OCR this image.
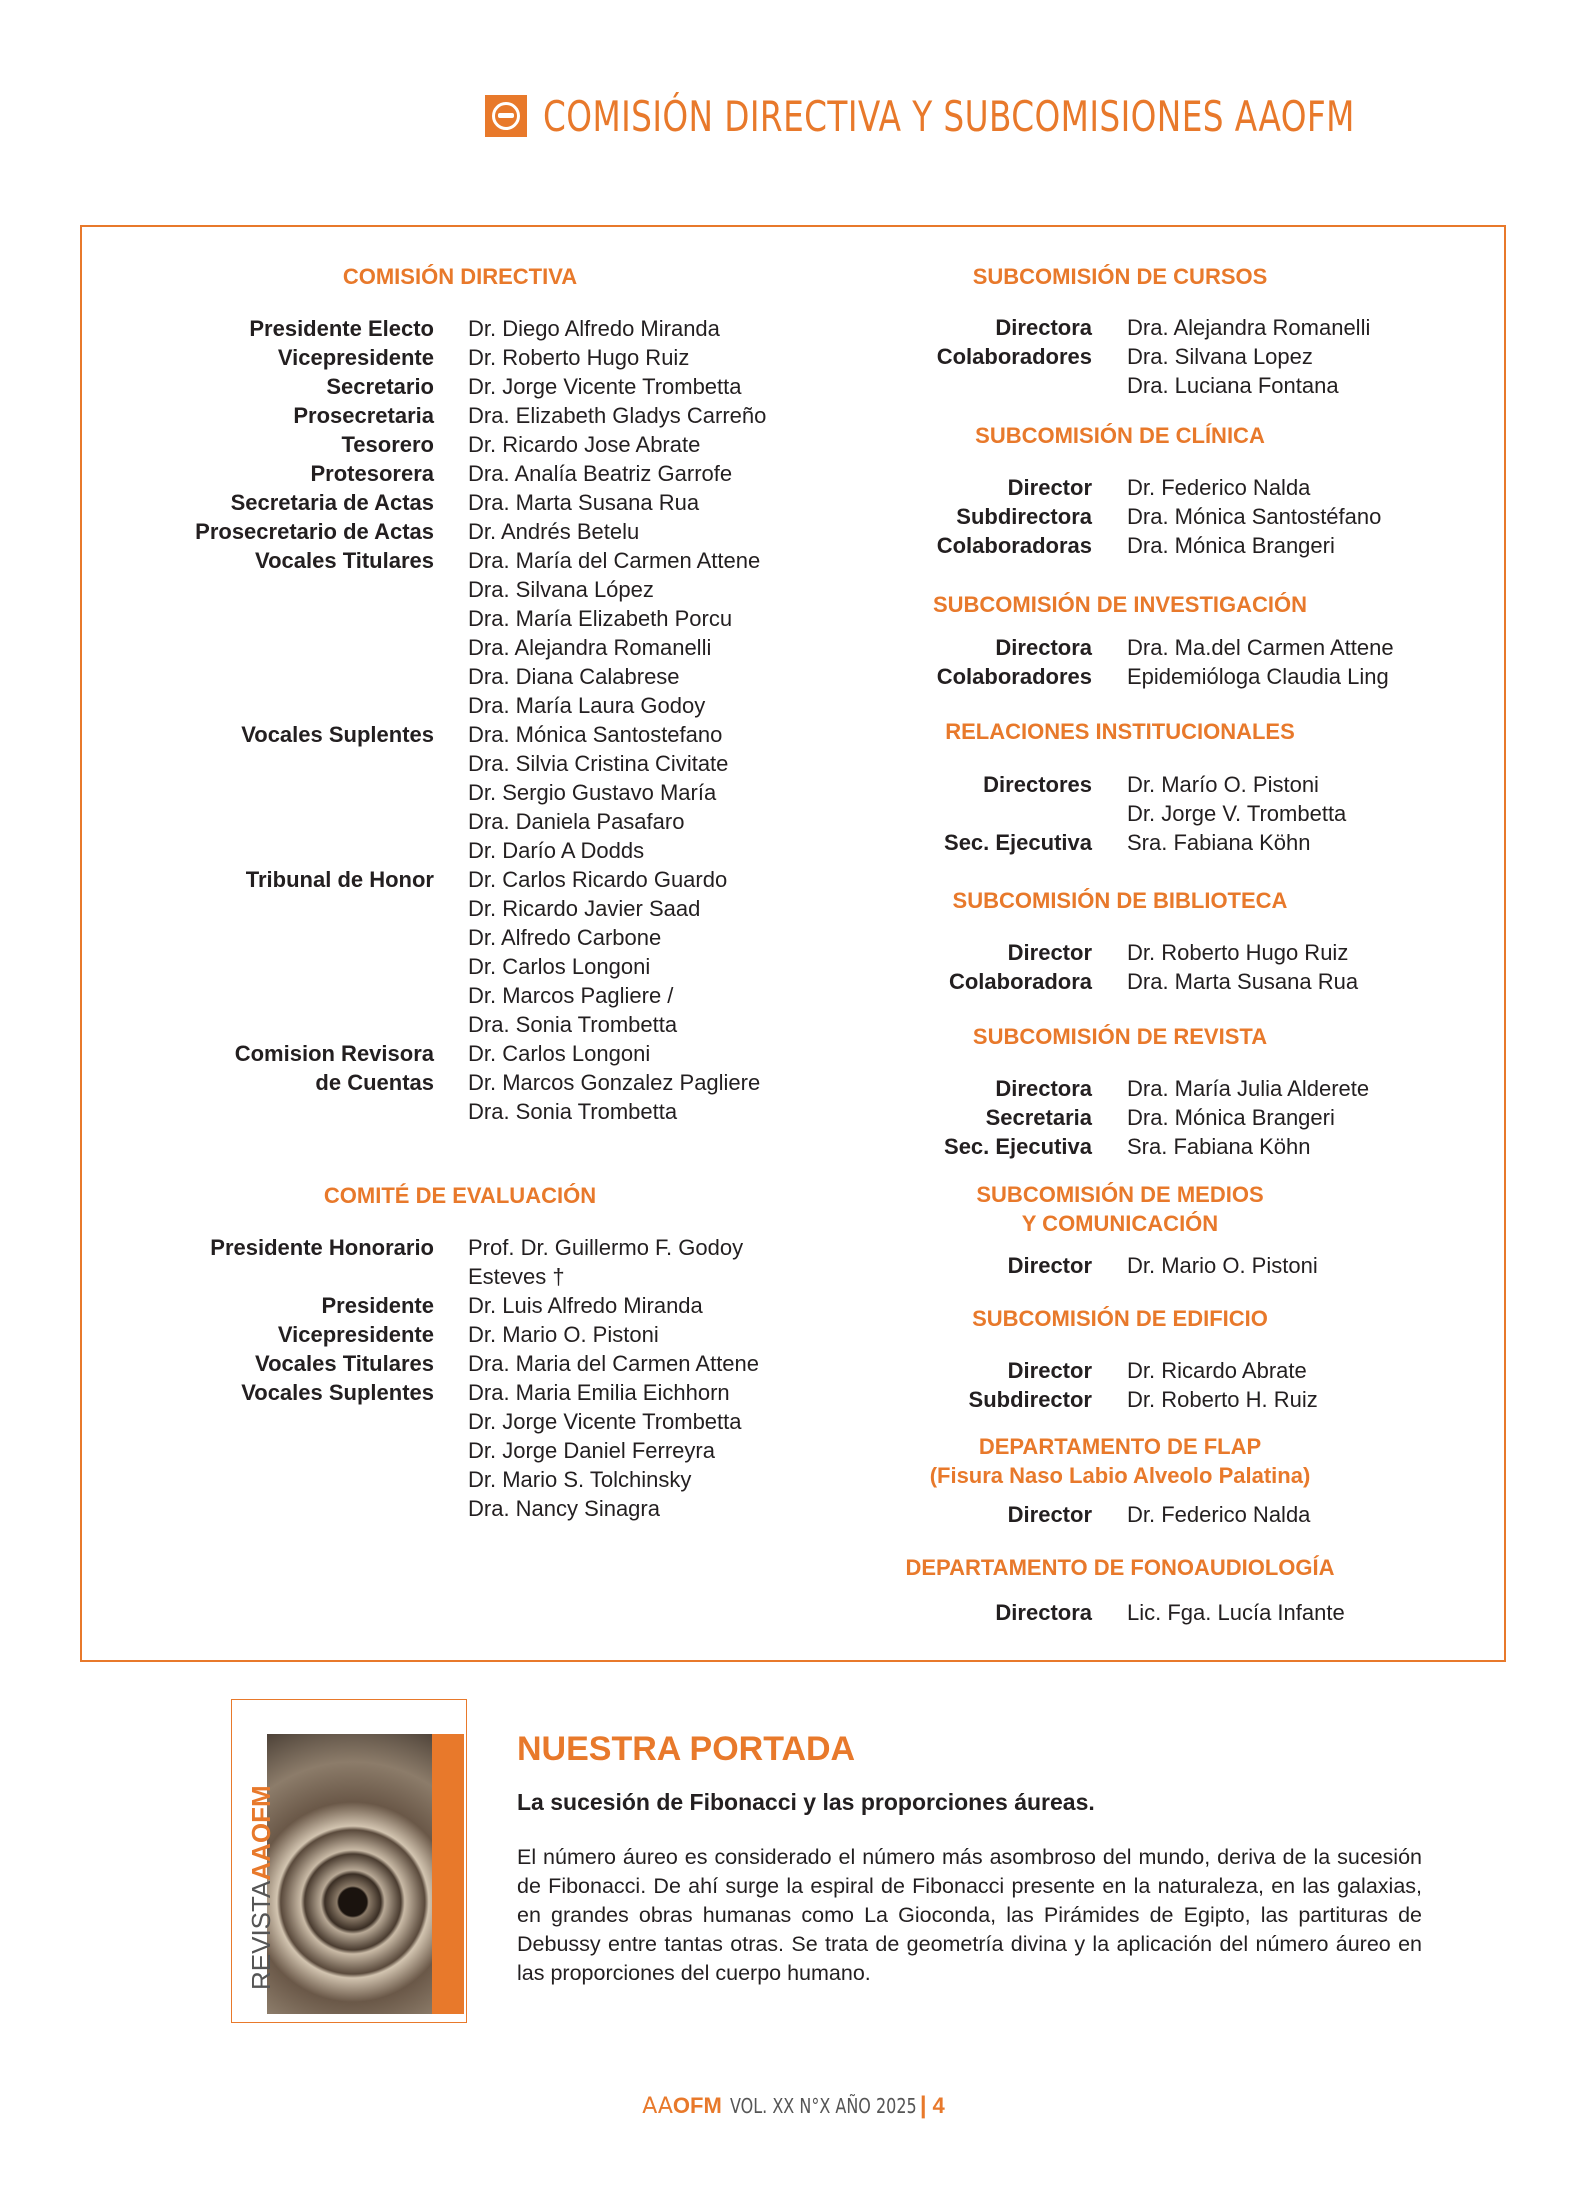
COMISIÓN DIRECTIVA Y SUBCOMISIONES AAOFM
REVISTAAAOFM
NUESTRA PORTADA
La sucesión de Fibonacci y las proporciones áureas.
El número áureo es considerado el número más asombroso del mundo, deriva de la sucesión de Fibonacci. De ahí surge la espiral de Fibonacci presente en la naturaleza, en las galaxias, en grandes obras humanas como La Gioconda, las Pirámides de Egipto, las partituras de Debussy entre tantas otras. Se trata de geometría divina y la aplicación del número áureo en las proporciones del cuerpo humano.
AA OFM VOL. XX N°X AÑO 2025 | 4
COMISIÓN DIRECTIVA
Presidente Electo Dr. Diego Alfredo Miranda
Vicepresidente Dr. Roberto Hugo Ruiz
Secretario Dr. Jorge Vicente Trombetta
Prosecretaria Dra. Elizabeth Gladys Carreño
Tesorero Dr. Ricardo Jose Abrate
Protesorera Dra. Analía Beatriz Garrofe
Secretaria de Actas Dra. Marta Susana Rua
Prosecretario de Actas Dr. Andrés Betelu
Vocales Titulares Dra. María del Carmen Attene
Dra. Silvana López
Dra. María Elizabeth Porcu
Dra. Alejandra Romanelli
Dra. Diana Calabrese
Dra. María Laura Godoy
Vocales Suplentes Dra. Mónica Santostefano
Dra. Silvia Cristina Civitate
Dr. Sergio Gustavo María
Dra. Daniela Pasafaro
Dr. Darío A Dodds
Tribunal de Honor Dr. Carlos Ricardo Guardo
Dr. Ricardo Javier Saad
Dr. Alfredo Carbone
Dr. Carlos Longoni
Dr. Marcos Pagliere /
Dra. Sonia Trombetta
Comision Revisora Dr. Carlos Longoni
de Cuentas Dr. Marcos Gonzalez Pagliere
Dra. Sonia Trombetta
COMITÉ DE EVALUACIÓN
Presidente Honorario Prof. Dr. Guillermo F. Godoy
Esteves †
Presidente Dr. Luis Alfredo Miranda
Vicepresidente Dr. Mario O. Pistoni
Vocales Titulares Dra. Maria del Carmen Attene
Vocales Suplentes Dra. Maria Emilia Eichhorn
Dr. Jorge Vicente Trombetta
Dr. Jorge Daniel Ferreyra
Dr. Mario S. Tolchinsky
Dra. Nancy Sinagra
SUBCOMISIÓN DE CURSOS
Directora Dra. Alejandra Romanelli
Colaboradores Dra. Silvana Lopez
Dra. Luciana Fontana
SUBCOMISIÓN DE CLÍNICA
Director Dr. Federico Nalda
Subdirectora Dra. Mónica Santostéfano
Colaboradoras Dra. Mónica Brangeri
SUBCOMISIÓN DE INVESTIGACIÓN
Directora Dra. Ma.del Carmen Attene
Colaboradores Epidemióloga Claudia Ling
RELACIONES INSTITUCIONALES
Directores Dr. Marío O. Pistoni
Dr. Jorge V. Trombetta
Sec. Ejecutiva Sra. Fabiana Köhn
SUBCOMISIÓN DE BIBLIOTECA
Director Dr. Roberto Hugo Ruiz
Colaboradora Dra. Marta Susana Rua
SUBCOMISIÓN DE REVISTA
Directora Dra. María Julia Alderete
Secretaria Dra. Mónica Brangeri
Sec. Ejecutiva Sra. Fabiana Köhn
SUBCOMISIÓN DE MEDIOS
Y COMUNICACIÓN
Director Dr. Mario O. Pistoni
SUBCOMISIÓN DE EDIFICIO
Director Dr. Ricardo Abrate
Subdirector Dr. Roberto H. Ruiz
DEPARTAMENTO DE FLAP
(Fisura Naso Labio Alveolo Palatina)
Director Dr. Federico Nalda
DEPARTAMENTO DE FONOAUDIOLOGÍA
Directora Lic. Fga. Lucía Infante
